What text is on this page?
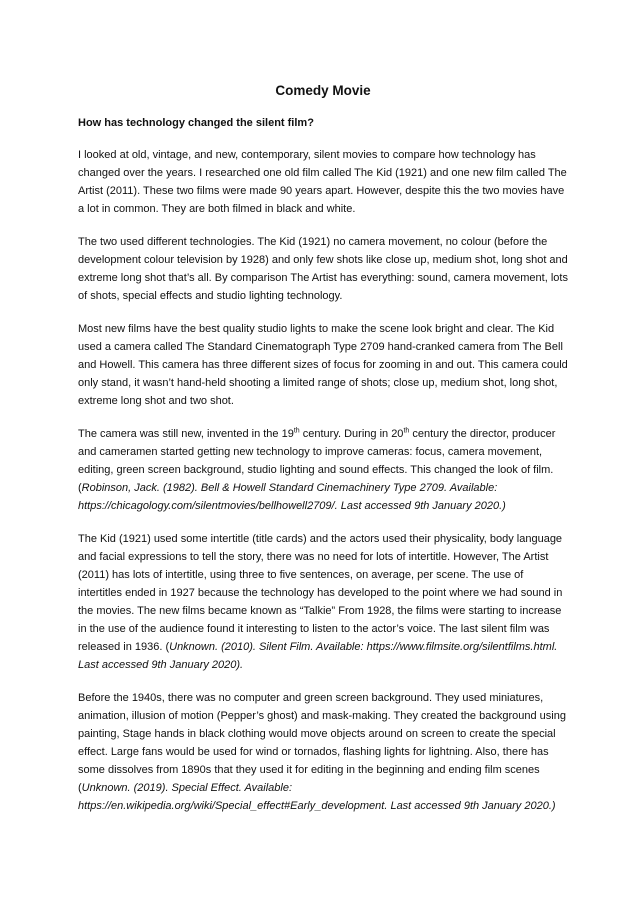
Comedy Movie
How has technology changed the silent film?

I looked at old, vintage, and new, contemporary, silent movies to compare how technology has changed over the years. I researched one old film called The Kid (1921) and one new film called The Artist (2011). These two films were made 90 years apart. However, despite this the two movies have a lot in common. They are both filmed in black and white.

The two used different technologies. The Kid (1921) no camera movement, no colour (before the development colour television by 1928) and only few shots like close up, medium shot, long shot and extreme long shot that’s all. By comparison The Artist has everything: sound, camera movement, lots of shots, special effects and studio lighting technology.

Most new films have the best quality studio lights to make the scene look bright and clear. The Kid used a camera called The Standard Cinematograph Type 2709 hand-cranked camera from The Bell and Howell. This camera has three different sizes of focus for zooming in and out. This camera could only stand, it wasn’t hand-held shooting a limited range of shots; close up, medium shot, long shot, extreme long shot and two shot.

The camera was still new, invented in the 19th century. During in 20th century the director, producer and cameramen started getting new technology to improve cameras: focus, camera movement, editing, green screen background, studio lighting and sound effects. This changed the look of film. (Robinson, Jack. (1982). Bell & Howell Standard Cinemachinery Type 2709. Available: https://chicagology.com/silentmovies/bellhowell2709/. Last accessed 9th January 2020.)

The Kid (1921) used some intertitle (title cards) and the actors used their physicality, body language and facial expressions to tell the story, there was no need for lots of intertitle. However, The Artist (2011) has lots of intertitle, using three to five sentences, on average, per scene. The use of intertitles ended in 1927 because the technology has developed to the point where we had sound in the movies. The new films became known as “Talkie” From 1928, the films were starting to increase in the use of the audience found it interesting to listen to the actor’s voice. The last silent film was released in 1936. (Unknown. (2010). Silent Film. Available: https://www.filmsite.org/silentfilms.html. Last accessed 9th January 2020).

Before the 1940s, there was no computer and green screen background. They used miniatures, animation, illusion of motion (Pepper’s ghost) and mask-making. They created the background using painting, Stage hands in black clothing would move objects around on screen to create the special effect. Large fans would be used for wind or tornados, flashing lights for lightning. Also, there has some dissolves from 1890s that they used it for editing in the beginning and ending film scenes (Unknown. (2019). Special Effect. Available: https://en.wikipedia.org/wiki/Special_effect#Early_development. Last accessed 9th January 2020.)
